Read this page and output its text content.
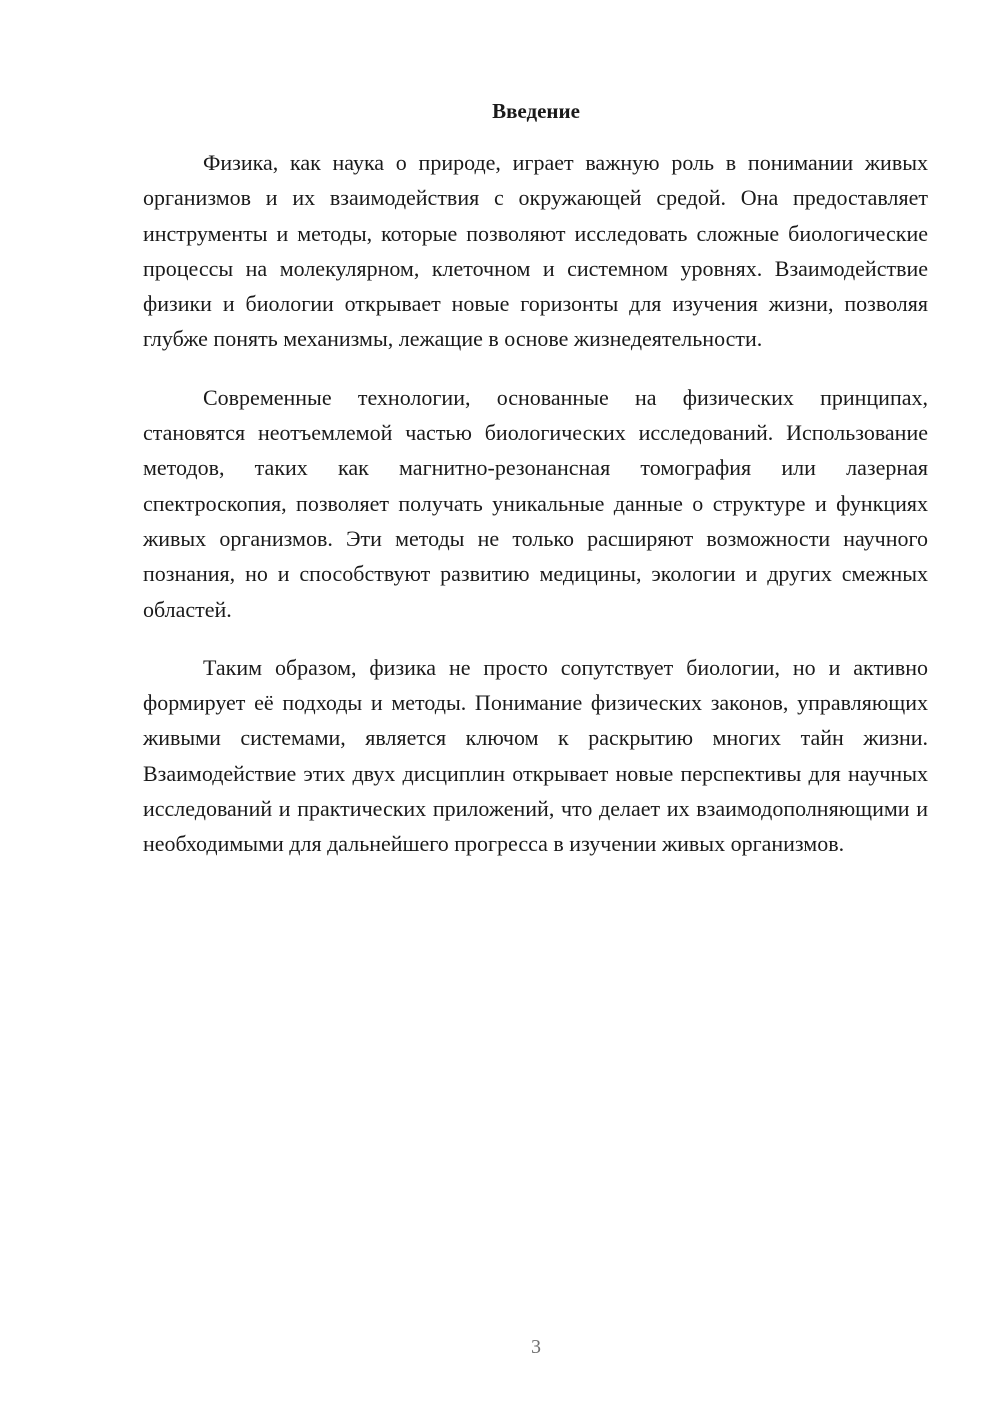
Введение

Физика, как наука о природе, играет важную роль в понимании живых организмов и их взаимодействия с окружающей средой. Она предоставляет инструменты и методы, которые позволяют исследовать сложные биологические процессы на молекулярном, клеточном и системном уровнях. Взаимодействие физики и биологии открывает новые горизонты для изучения жизни, позволяя глубже понять механизмы, лежащие в основе жизнедеятельности.

Современные технологии, основанные на физических принципах, становятся неотъемлемой частью биологических исследований. Использование методов, таких как магнитно-резонансная томография или лазерная спектроскопия, позволяет получать уникальные данные о структуре и функциях живых организмов. Эти методы не только расширяют возможности научного познания, но и способствуют развитию медицины, экологии и других смежных областей.

Таким образом, физика не просто сопутствует биологии, но и активно формирует её подходы и методы. Понимание физических законов, управляющих живыми системами, является ключом к раскрытию многих тайн жизни. Взаимодействие этих двух дисциплин открывает новые перспективы для научных исследований и практических приложений, что делает их взаимодополняющими и необходимыми для дальнейшего прогресса в изучении живых организмов.

3
